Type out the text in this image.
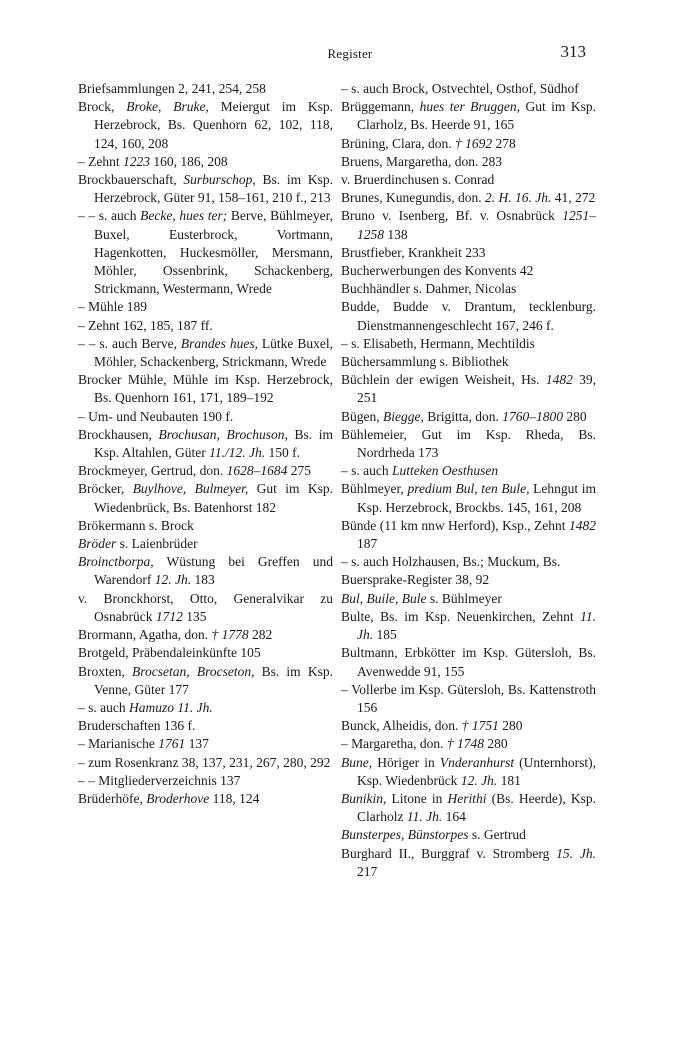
Register	313
Briefsammlungen 2, 241, 254, 258
Brock, Broke, Bruke, Meiergut im Ksp. Herzebrock, Bs. Quenhorn 62, 102, 118, 124, 160, 208
– Zehnt 1223 160, 186, 208
Brockbauerschaft, Surburschop, Bs. im Ksp. Herzebrock, Güter 91, 158–161, 210 f., 213
– – s. auch Becke, hues ter; Berve, Bühlmeyer, Buxel, Eusterbrock, Vortmann, Hagenkotten, Huckesmöller, Mersmann, Möhler, Ossenbrink, Schackenberg, Strickmann, Westermann, Wrede
– Mühle 189
– Zehnt 162, 185, 187 ff.
– – s. auch Berve, Brandes hues, Lütke Buxel, Möhler, Schackenberg, Strickmann, Wrede
Brocker Mühle, Mühle im Ksp. Herzebrock, Bs. Quenhorn 161, 171, 189–192
– Um- und Neubauten 190 f.
Brockhausen, Brochusan, Brochuson, Bs. im Ksp. Altahlen, Güter 11./12. Jh. 150 f.
Brockmeyer, Gertrud, don. 1628–1684 275
Bröcker, Buylhove, Bulmeyer, Gut im Ksp. Wiedenbrück, Bs. Batenhorst 182
Brökermann s. Brock
Bröder s. Laienbrüder
Broinctborpa, Wüstung bei Greffen und Warendorf 12. Jh. 183
v. Bronckhorst, Otto, Generalvikar zu Osnabrück 1712 135
Brormann, Agatha, don. † 1778 282
Brotgeld, Präbendaleinkünfte 105
Broxten, Brocsetan, Brocseton, Bs. im Ksp. Venne, Güter 177
– s. auch Hamuzo 11. Jh.
Bruderschaften 136 f.
– Marianische 1761 137
– zum Rosenkranz 38, 137, 231, 267, 280, 292
– – Mitgliederverzeichnis 137
Brüderhöfe, Broderhove 118, 124
– s. auch Brock, Ostvechtel, Osthof, Südhof
Brüggemann, hues ter Bruggen, Gut im Ksp. Clarholz, Bs. Heerde 91, 165
Brüning, Clara, don. † 1692 278
Bruens, Margaretha, don. 283
v. Bruerdinchusen s. Conrad
Brunes, Kunegundis, don. 2. H. 16. Jh. 41, 272
Bruno v. Isenberg, Bf. v. Osnabrück 1251–1258 138
Brustfieber, Krankheit 233
Bucherwerbungen des Konvents 42
Buchhändler s. Dahmer, Nicolas
Budde, Budde v. Drantum, tecklenburg. Dienstmannengeschlecht 167, 246 f.
– s. Elisabeth, Hermann, Mechtildis
Büchersammlung s. Bibliothek
Büchlein der ewigen Weisheit, Hs. 1482 39, 251
Bügen, Biegge, Brigitta, don. 1760–1800 280
Bühlemeier, Gut im Ksp. Rheda, Bs. Nordrheda 173
– s. auch Lutteken Oesthusen
Bühlmeyer, predium Bul, ten Bule, Lehngut im Ksp. Herzebrock, Brockbs. 145, 161, 208
Bünde (11 km nnw Herford), Ksp., Zehnt 1482 187
– s. auch Holzhausen, Bs.; Muckum, Bs.
Buersprake-Register 38, 92
Bul, Buile, Bule s. Bühlmeyer
Bulte, Bs. im Ksp. Neuenkirchen, Zehnt 11. Jh. 185
Bultmann, Erbkötter im Ksp. Gütersloh, Bs. Avenwedde 91, 155
– Vollerbe im Ksp. Gütersloh, Bs. Kattenstroth 156
Bunck, Alheidis, don. † 1751 280
– Margaretha, don. † 1748 280
Bune, Höriger in Vnderanhurst (Unternhorst), Ksp. Wiedenbrück 12. Jh. 181
Bunikin, Litone in Herithi (Bs. Heerde), Ksp. Clarholz 11. Jh. 164
Bunsterpes, Bünstorpes s. Gertrud
Burghard II., Burggraf v. Stromberg 15. Jh. 217
